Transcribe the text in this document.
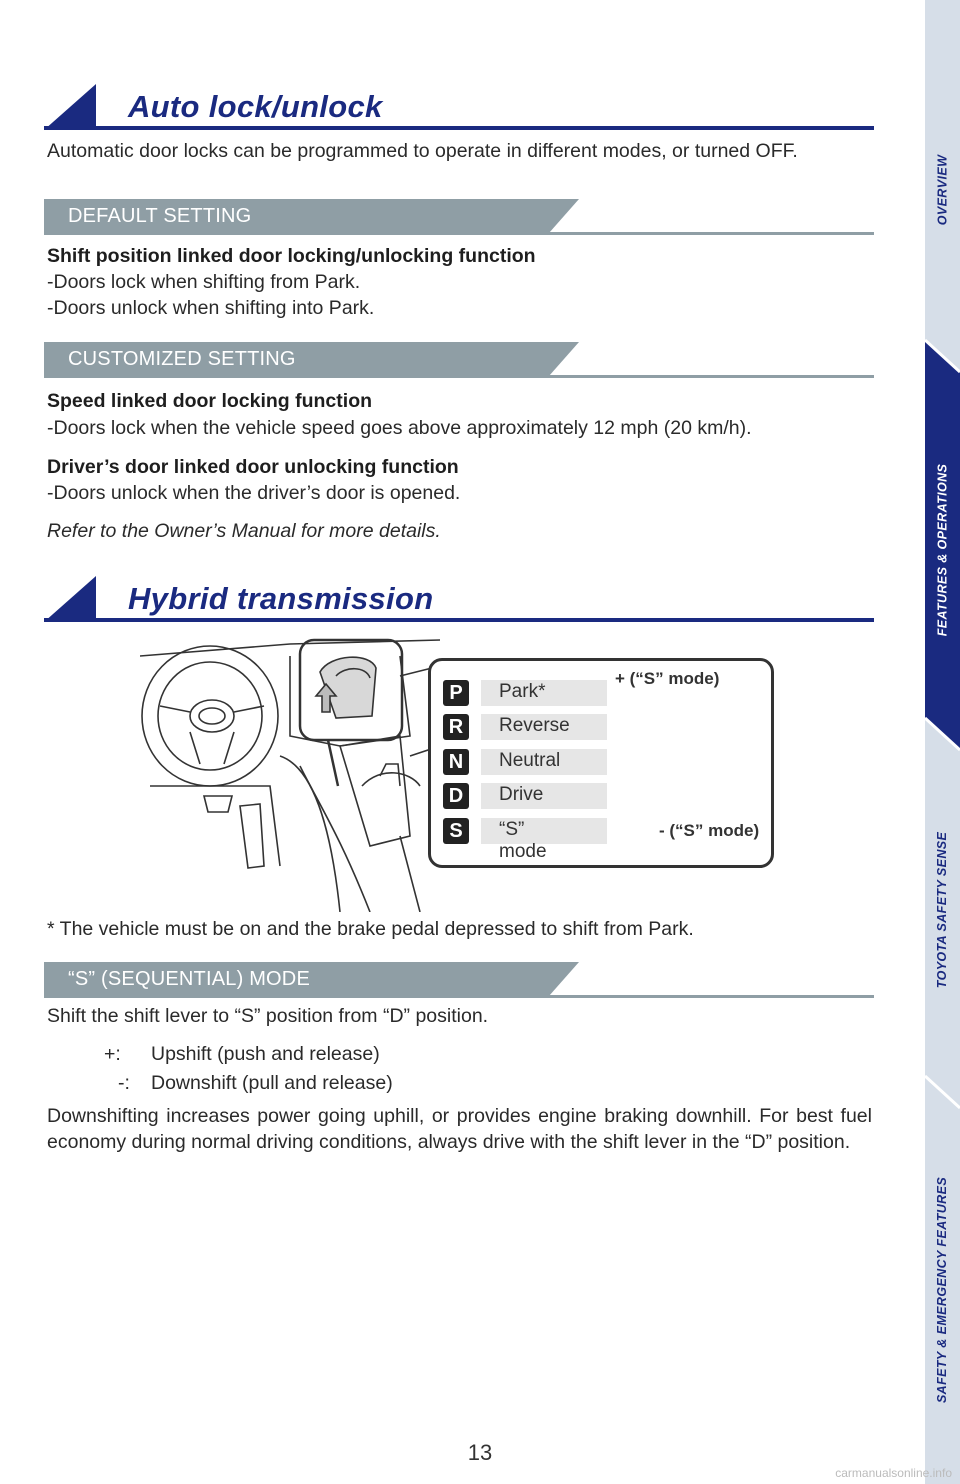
Auto lock/unlock
Automatic door locks can be programmed to operate in different modes, or turned OFF.
DEFAULT SETTING
Shift position linked door locking/unlocking function
-Doors lock when shifting from Park.
-Doors unlock when shifting into Park.
CUSTOMIZED SETTING
Speed linked door locking function
-Doors lock when the vehicle speed goes above approximately 12 mph (20 km/h).
Driver’s door linked door unlocking function
-Doors unlock when the driver’s door is opened.
Refer to the Owner’s Manual for more details.
Hybrid transmission
P	Park*
R	Reverse
N	Neutral
D	Drive
S	“S” mode
+ (“S” mode)
- (“S” mode)
* The vehicle must be on and the brake pedal depressed to shift from Park.
“S” (SEQUENTIAL) MODE
Shift the shift lever to “S” position from “D” position.
+: Upshift (push and release)
-: Downshift (pull and release)
Downshifting increases power going uphill, or provides engine braking downhill. For best fuel economy during normal driving conditions, always drive with the shift lever in the “D” position.
13
OVERVIEW
FEATURES & OPERATIONS
TOYOTA SAFETY SENSE
SAFETY & EMERGENCY FEATURES
carmanualsonline.info
